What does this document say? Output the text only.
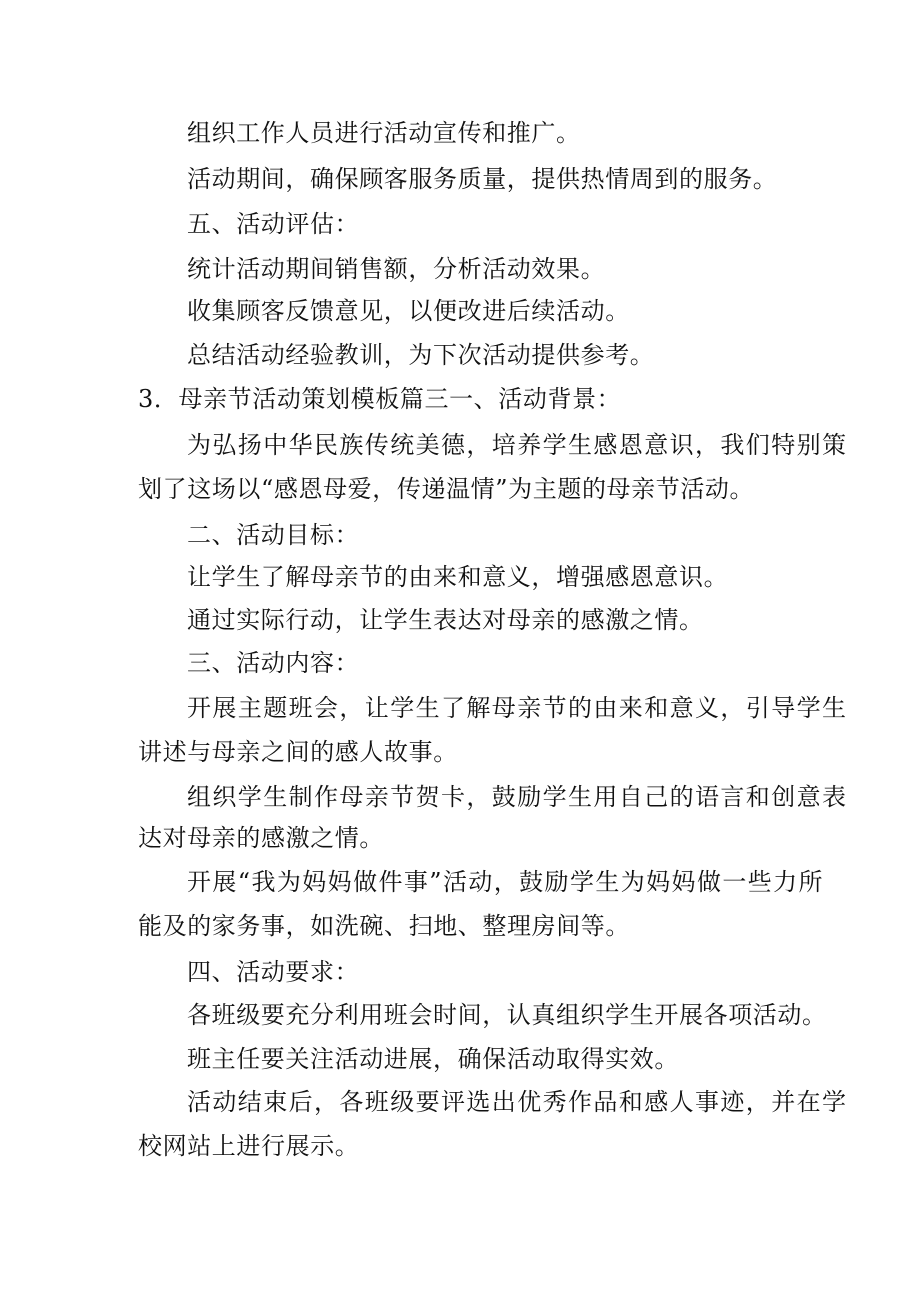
组织工作人员进行活动宣传和推广。
活动期间，确保顾客服务质量，提供热情周到的服务。
五、活动评估：
统计活动期间销售额，分析活动效果。
收集顾客反馈意见，以便改进后续活动。
总结活动经验教训，为下次活动提供参考。
3．母亲节活动策划模板篇三一、活动背景：
为弘扬中华民族传统美德，培养学生感恩意识，我们特别策
划了这场以“感恩母爱，传递温情”为主题的母亲节活动。
二、活动目标：
让学生了解母亲节的由来和意义，增强感恩意识。
通过实际行动，让学生表达对母亲的感激之情。
三、活动内容：
开展主题班会，让学生了解母亲节的由来和意义，引导学生
讲述与母亲之间的感人故事。
组织学生制作母亲节贺卡，鼓励学生用自己的语言和创意表
达对母亲的感激之情。
开展“我为妈妈做件事”活动，鼓励学生为妈妈做一些力所
能及的家务事，如洗碗、扫地、整理房间等。
四、活动要求：
各班级要充分利用班会时间，认真组织学生开展各项活动。
班主任要关注活动进展，确保活动取得实效。
活动结束后，各班级要评选出优秀作品和感人事迹，并在学
校网站上进行展示。
